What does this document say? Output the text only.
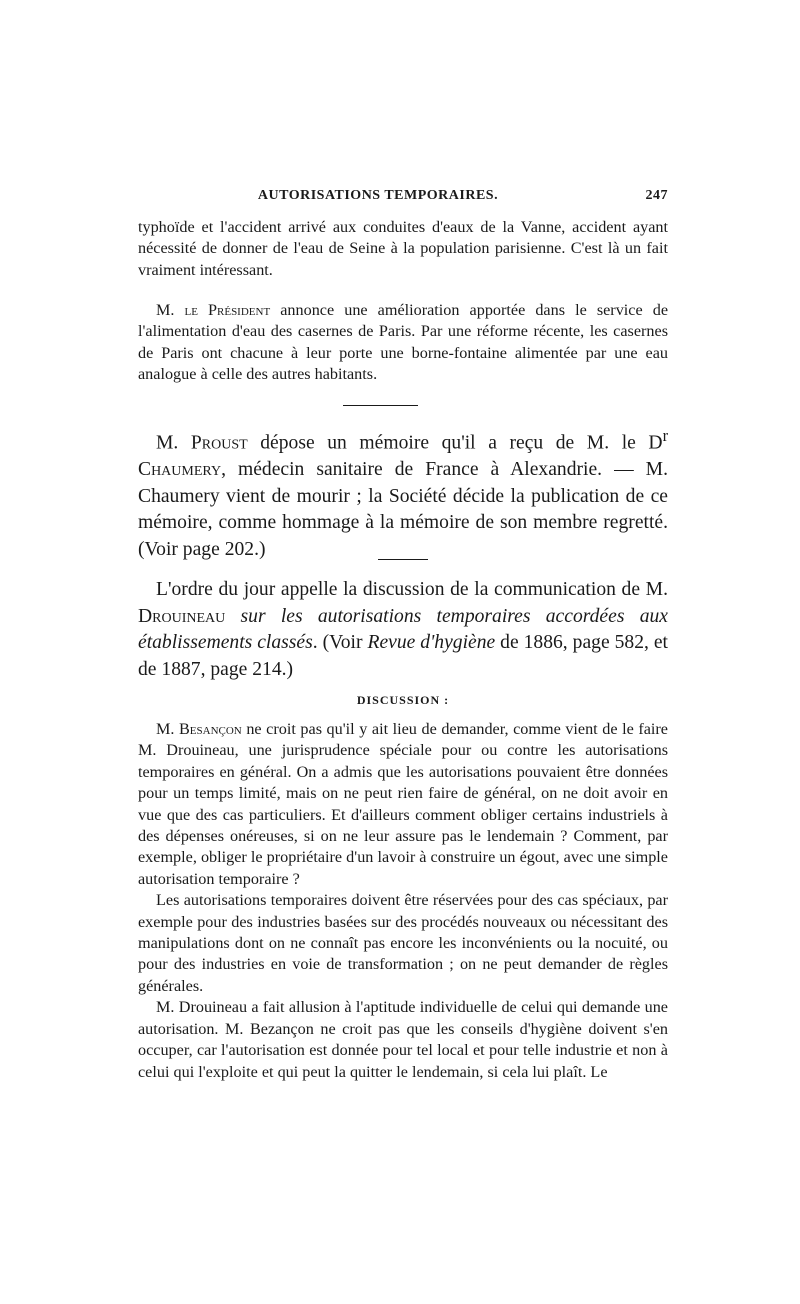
AUTORISATIONS TEMPORAIRES.	247

typhoïde et l'accident arrivé aux conduites d'eaux de la Vanne, accident ayant nécessité de donner de l'eau de Seine à la population parisienne. C'est là un fait vraiment intéressant.

M. le Président annonce une amélioration apportée dans le service de l'alimentation d'eau des casernes de Paris. Par une réforme récente, les casernes de Paris ont chacune à leur porte une borne-fontaine alimentée par une eau analogue à celle des autres habitants.
M. Proust dépose un mémoire qu'il a reçu de M. le $D^r$ Chaumery, médecin sanitaire de France à Alexandrie. — M. Chaumery vient de mourir ; la Société décide la publication de ce mémoire, comme hommage à la mémoire de son membre regretté. (Voir page 202.)
L'ordre du jour appelle la discussion de la communication de M. Drouineau sur les autorisations temporaires accordées aux établissements classés. (Voir Revue d'hygiène de 1886, page 582, et de 1887, page 214.)
DISCUSSION :

M. Besançon ne croit pas qu'il y ait lieu de demander, comme vient de le faire M. Drouineau, une jurisprudence spéciale pour ou contre les autorisations temporaires en général. On a admis que les autorisations pouvaient être données pour un temps limité, mais on ne peut rien faire de général, on ne doit avoir en vue que des cas particuliers. Et d'ailleurs comment obliger certains industriels à des dépenses onéreuses, si on ne leur assure pas le lendemain ? Comment, par exemple, obliger le propriétaire d'un lavoir à construire un égout, avec une simple autorisation temporaire ?

Les autorisations temporaires doivent être réservées pour des cas spéciaux, par exemple pour des industries basées sur des procédés nouveaux ou nécessitant des manipulations dont on ne connaît pas encore les inconvénients ou la nocuité, ou pour des industries en voie de transformation ; on ne peut demander de règles générales.

M. Drouineau a fait allusion à l'aptitude individuelle de celui qui demande une autorisation. M. Bezançon ne croit pas que les conseils d'hygiène doivent s'en occuper, car l'autorisation est donnée pour tel local et pour telle industrie et non à celui qui l'exploite et qui peut la quitter le lendemain, si cela lui plaît. Le
